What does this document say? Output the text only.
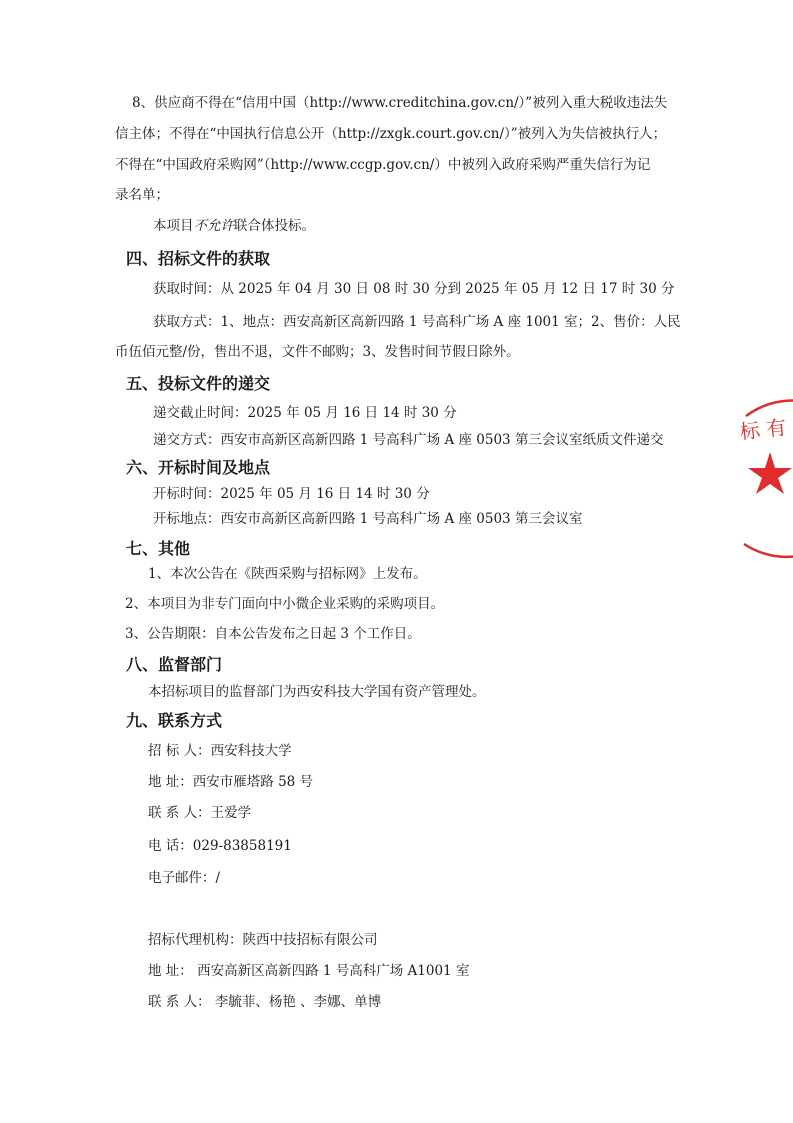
8、供应商不得在“信用中国（http://www.creditchina.gov.cn/）”被列入重大税收违法失
信主体；不得在“中国执行信息公开（http://zxgk.court.gov.cn/）”被列入为失信被执行人；
不得在“中国政府采购网”（http://www.ccgp.gov.cn/）中被列入政府采购严重失信行为记
录名单；
本项目不允许联合体投标。
四、招标文件的获取
获取时间：从 2025 年 04 月 30 日 08 时 30 分到 2025 年 05 月 12 日 17 时 30 分
获取方式：1、地点：西安高新区高新四路 1 号高科广场 A 座 1001 室；2、售价：人民
币伍佰元整/份，售出不退，文件不邮购；3、发售时间节假日除外。
五、投标文件的递交
递交截止时间：2025 年 05 月 16 日 14 时 30 分
递交方式：西安市高新区高新四路 1 号高科广场 A 座 0503 第三会议室纸质文件递交
六、开标时间及地点
开标时间：2025 年 05 月 16 日 14 时 30 分
开标地点：西安市高新区高新四路 1 号高科广场 A 座 0503 第三会议室
七、其他
1、本次公告在《陕西采购与招标网》上发布。
2、本项目为非专门面向中小微企业采购的采购项目。
3、公告期限：自本公告发布之日起 3 个工作日。
八、监督部门
本招标项目的监督部门为西安科技大学国有资产管理处。
九、联系方式
招 标 人：西安科技大学
地 址：西安市雁塔路 58 号
联 系 人：王爱学
电 话：029-83858191
电子邮件：/
招标代理机构：陕西中技招标有限公司
地 址： 西安高新区高新四路 1 号高科广场 A1001 室
联 系 人： 李毓菲、杨艳 、李娜、单博
标 有
